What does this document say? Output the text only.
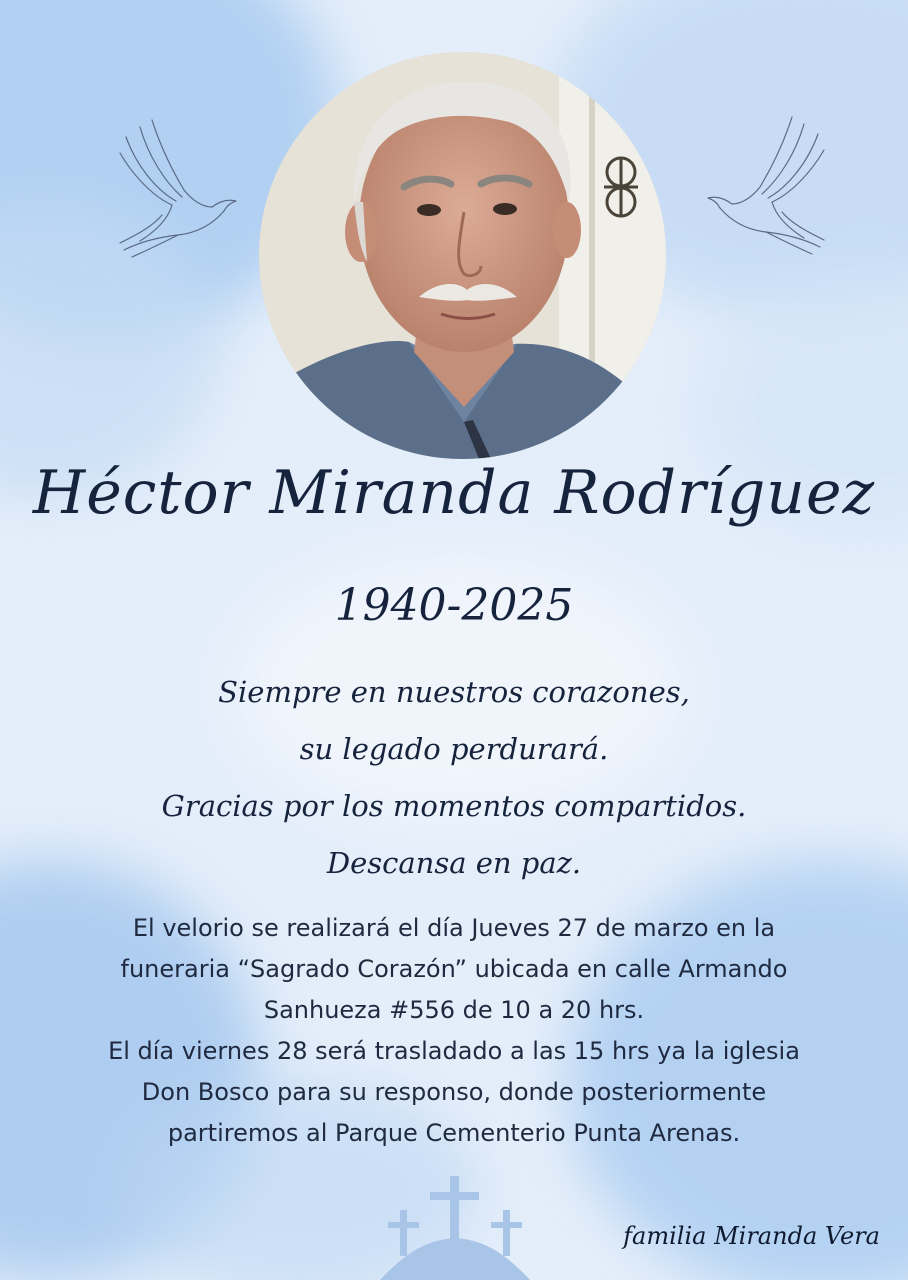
Héctor Miranda Rodríguez
1940-2025
Siempre en nuestros corazones,
su legado perdurará.
Gracias por los momentos compartidos.
Descansa en paz.
El velorio se realizará el día Jueves 27 de marzo en la
funeraria “Sagrado Corazón” ubicada en calle Armando
Sanhueza #556 de 10 a 20 hrs.
El día viernes 28 será trasladado a las 15 hrs ya la iglesia
Don Bosco para su responso, donde posteriormente
partiremos al Parque Cementerio Punta Arenas.
familia Miranda Vera
